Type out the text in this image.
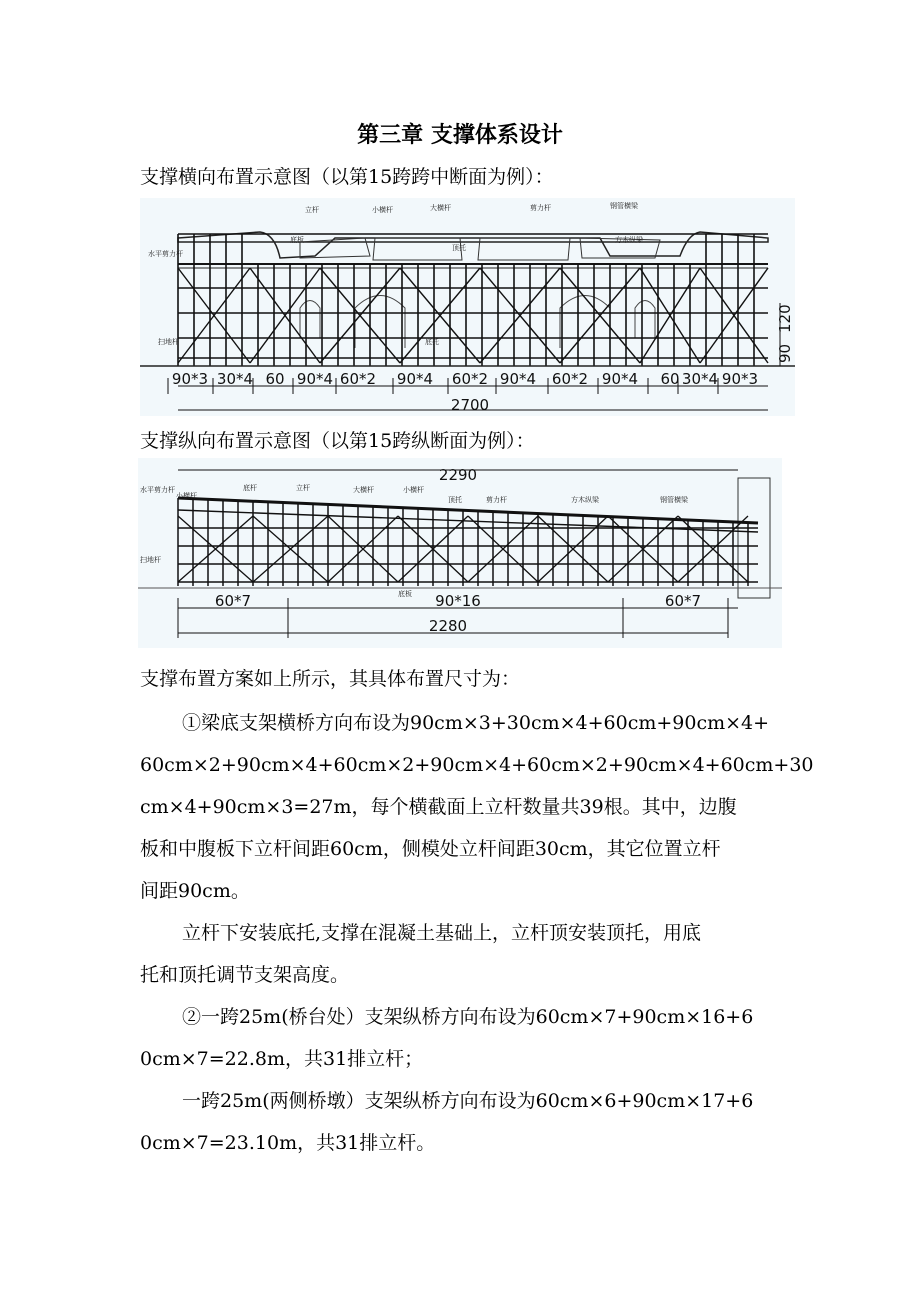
第三章 支撑体系设计
支撑横向布置示意图（以第15跨跨中断面为例）：
立杆	小横杆	大横杆	剪力杆	钢管横梁
底板
顶托
方木纵梁
水平剪力杆
扫地杆	底托
90
120
90*3 30*4 60 90*4 60*2 90*4 60*2 90*4 60*2 90*4 60 30*4 90*3
2700
支撑纵向布置示意图（以第15跨纵断面为例）：
2290
水平剪力杆
小横杆
底杆	立杆	大横杆	小横杆
顶托	剪力杆	方木纵梁	钢管横梁
扫地杆
底板
60*7	90*16	60*7
2280

支撑布置方案如上所示，其具体布置尺寸为：

①梁底支架横桥方向布设为90cm×3+30cm×4+60cm+90cm×4+

60cm×2+90cm×4+60cm×2+90cm×4+60cm×2+90cm×4+60cm+30

cm×4+90cm×3=27m，每个横截面上立杆数量共39根。其中，边腹

板和中腹板下立杆间距60cm，侧模处立杆间距30cm，其它位置立杆

间距90cm。

立杆下安装底托,支撑在混凝土基础上，立杆顶安装顶托，用底

托和顶托调节支架高度。

②一跨25m(桥台处）支架纵桥方向布设为60cm×7+90cm×16+6

0cm×7=22.8m，共31排立杆；

一跨25m(两侧桥墩）支架纵桥方向布设为60cm×6+90cm×17+6

0cm×7=23.10m，共31排立杆。
